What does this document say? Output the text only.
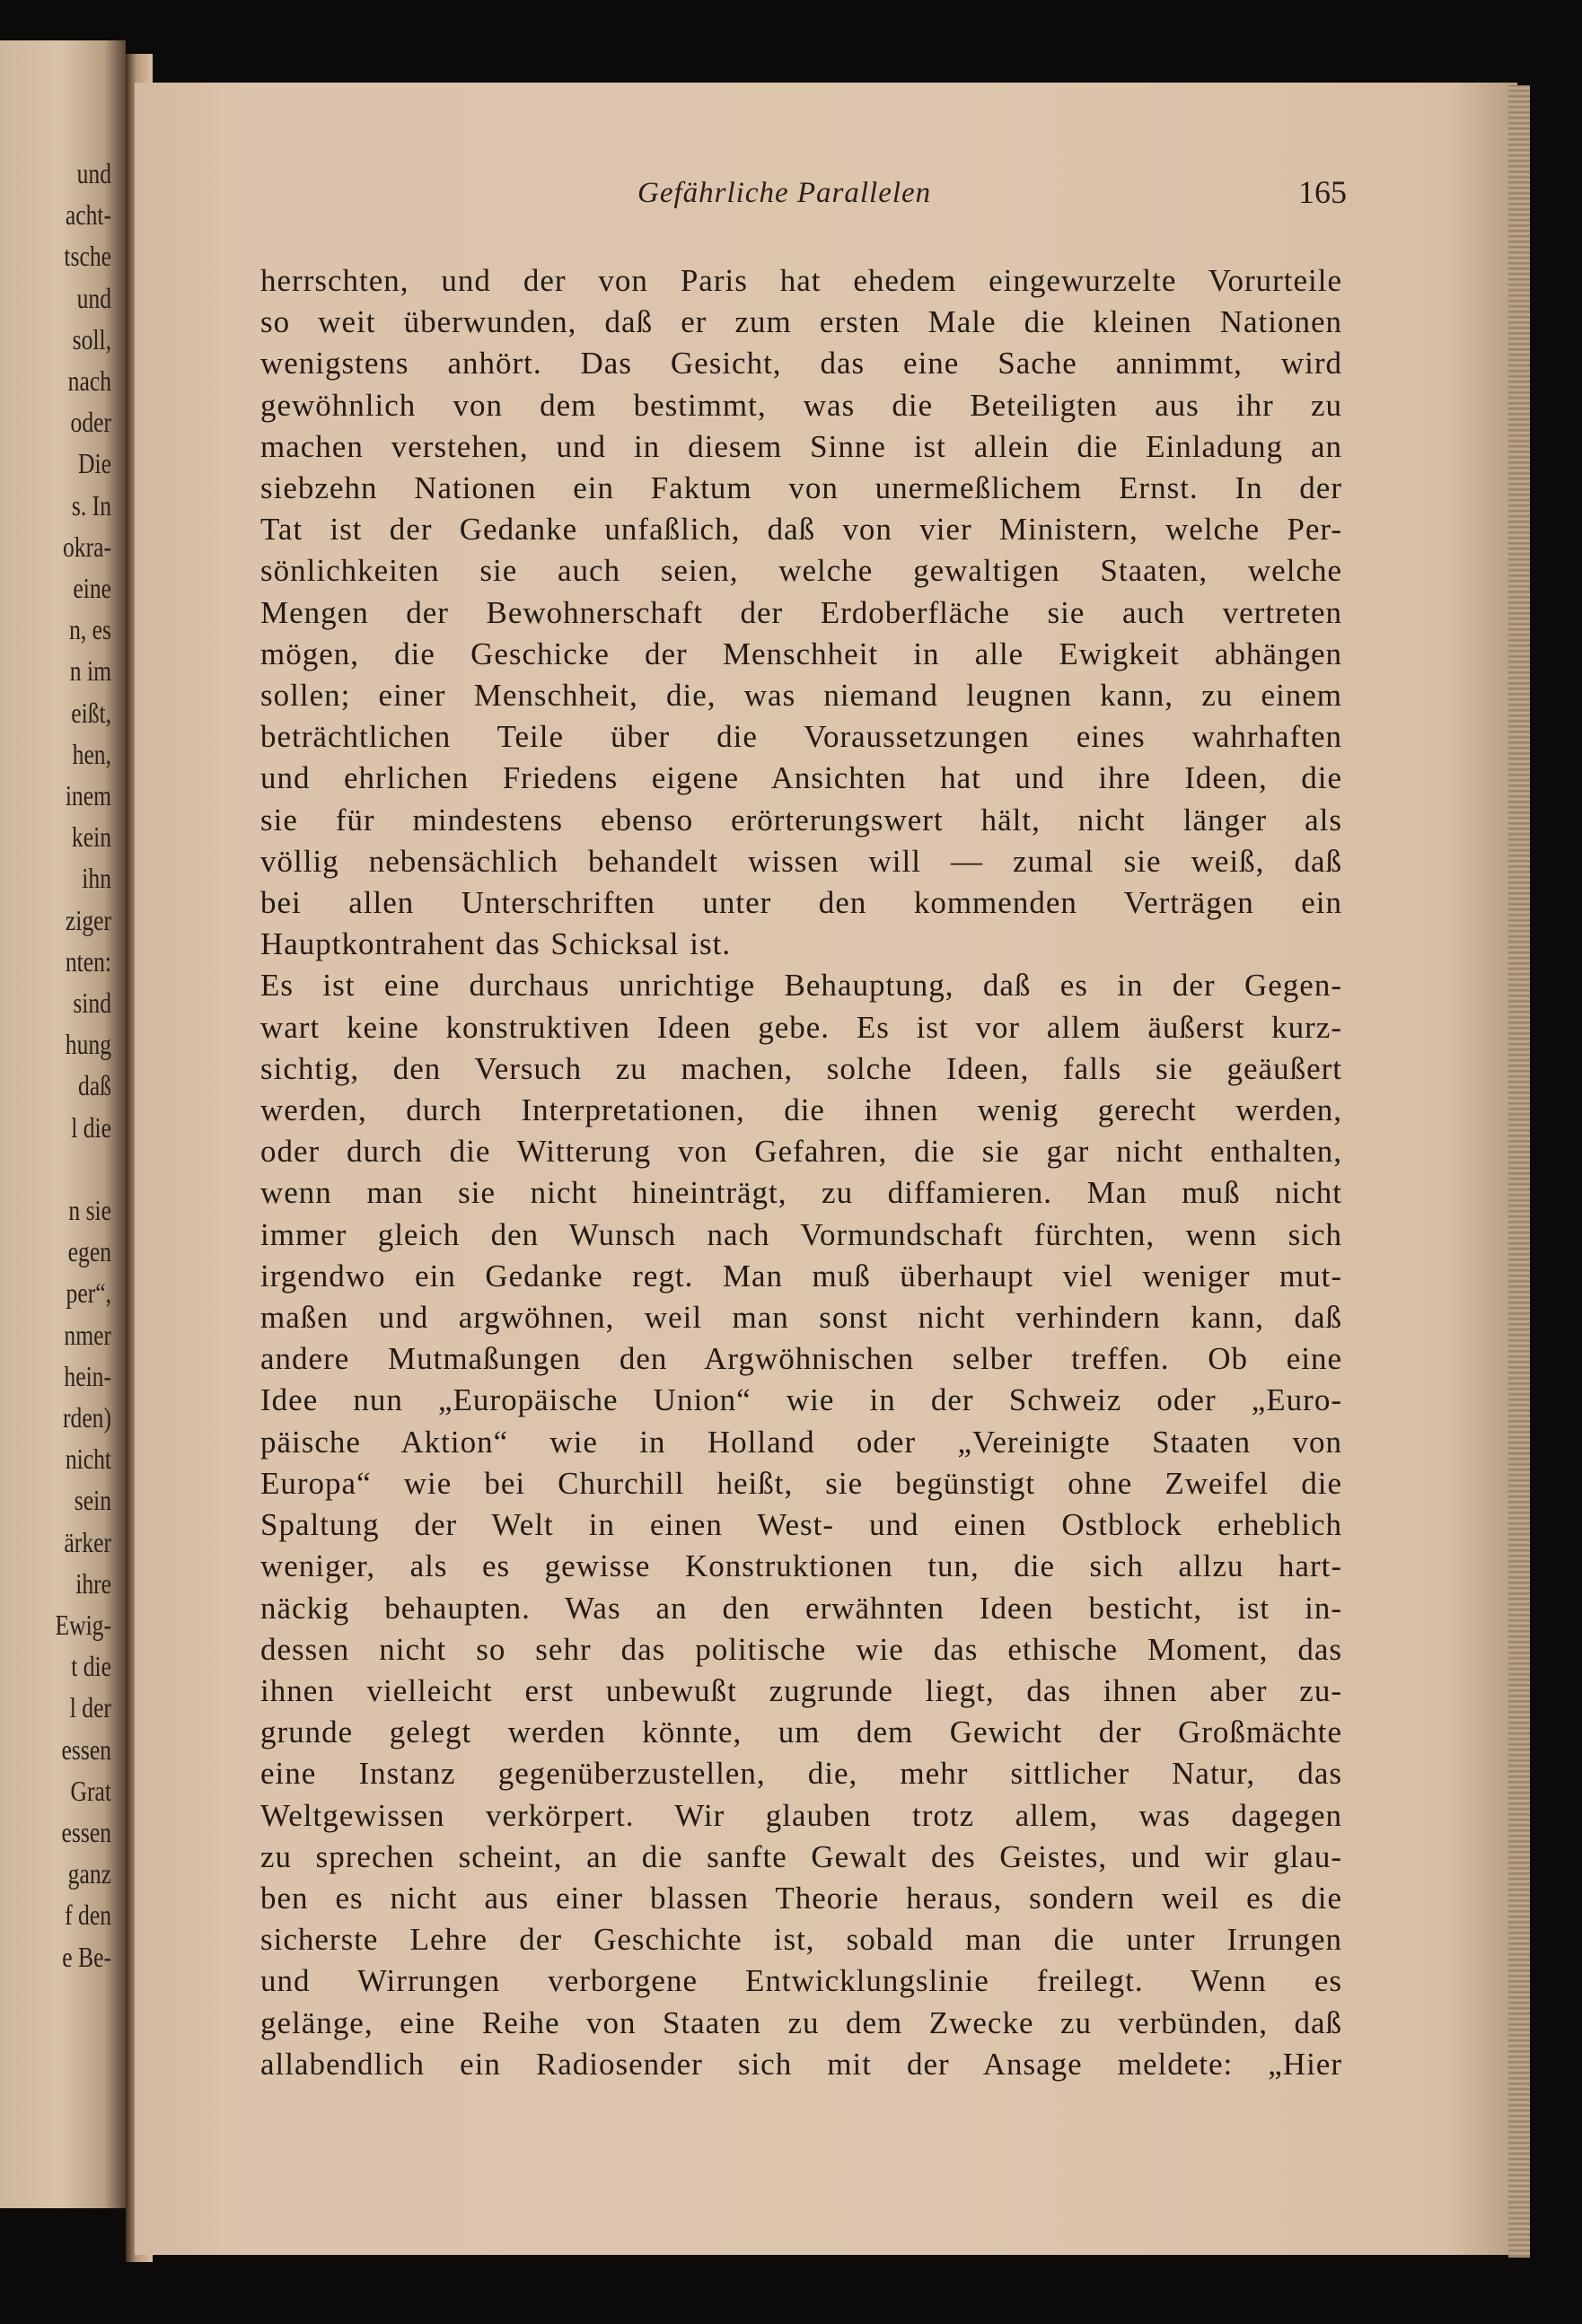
und
acht-
tsche
und
soll,
nach
oder
Die
s. In
okra-
eine
n, es
n im
eißt,
hen,
inem
kein
ihn
ziger
nten:
sind
hung
daß
l die
n sie
egen
per“,
nmer
hein-
rden)
nicht
sein
ärker
ihre
Ewig-
t die
l der
essen
Grat
essen
ganz
f den
e Be-
Gefährliche Parallelen	165
herrschten, und der von Paris hat ehedem eingewurzelte Vorurteile
so weit überwunden, daß er zum ersten Male die kleinen Nationen
wenigstens anhört. Das Gesicht, das eine Sache annimmt, wird
gewöhnlich von dem bestimmt, was die Beteiligten aus ihr zu
machen verstehen, und in diesem Sinne ist allein die Einladung an
siebzehn Nationen ein Faktum von unermeßlichem Ernst. In der
Tat ist der Gedanke unfaßlich, daß von vier Ministern, welche Per-
sönlichkeiten sie auch seien, welche gewaltigen Staaten, welche
Mengen der Bewohnerschaft der Erdoberfläche sie auch vertreten
mögen, die Geschicke der Menschheit in alle Ewigkeit abhängen
sollen; einer Menschheit, die, was niemand leugnen kann, zu einem
beträchtlichen Teile über die Voraussetzungen eines wahrhaften
und ehrlichen Friedens eigene Ansichten hat und ihre Ideen, die
sie für mindestens ebenso erörterungswert hält, nicht länger als
völlig nebensächlich behandelt wissen will — zumal sie weiß, daß
bei allen Unterschriften unter den kommenden Verträgen ein
Hauptkontrahent das Schicksal ist.
Es ist eine durchaus unrichtige Behauptung, daß es in der Gegen-
wart keine konstruktiven Ideen gebe. Es ist vor allem äußerst kurz-
sichtig, den Versuch zu machen, solche Ideen, falls sie geäußert
werden, durch Interpretationen, die ihnen wenig gerecht werden,
oder durch die Witterung von Gefahren, die sie gar nicht enthalten,
wenn man sie nicht hineinträgt, zu diffamieren. Man muß nicht
immer gleich den Wunsch nach Vormundschaft fürchten, wenn sich
irgendwo ein Gedanke regt. Man muß überhaupt viel weniger mut-
maßen und argwöhnen, weil man sonst nicht verhindern kann, daß
andere Mutmaßungen den Argwöhnischen selber treffen. Ob eine
Idee nun „Europäische Union“ wie in der Schweiz oder „Euro-
päische Aktion“ wie in Holland oder „Vereinigte Staaten von
Europa“ wie bei Churchill heißt, sie begünstigt ohne Zweifel die
Spaltung der Welt in einen West- und einen Ostblock erheblich
weniger, als es gewisse Konstruktionen tun, die sich allzu hart-
näckig behaupten. Was an den erwähnten Ideen besticht, ist in-
dessen nicht so sehr das politische wie das ethische Moment, das
ihnen vielleicht erst unbewußt zugrunde liegt, das ihnen aber zu-
grunde gelegt werden könnte, um dem Gewicht der Großmächte
eine Instanz gegenüberzustellen, die, mehr sittlicher Natur, das
Weltgewissen verkörpert. Wir glauben trotz allem, was dagegen
zu sprechen scheint, an die sanfte Gewalt des Geistes, und wir glau-
ben es nicht aus einer blassen Theorie heraus, sondern weil es die
sicherste Lehre der Geschichte ist, sobald man die unter Irrungen
und Wirrungen verborgene Entwicklungslinie freilegt. Wenn es
gelänge, eine Reihe von Staaten zu dem Zwecke zu verbünden, daß
allabendlich ein Radiosender sich mit der Ansage meldete: „Hier
